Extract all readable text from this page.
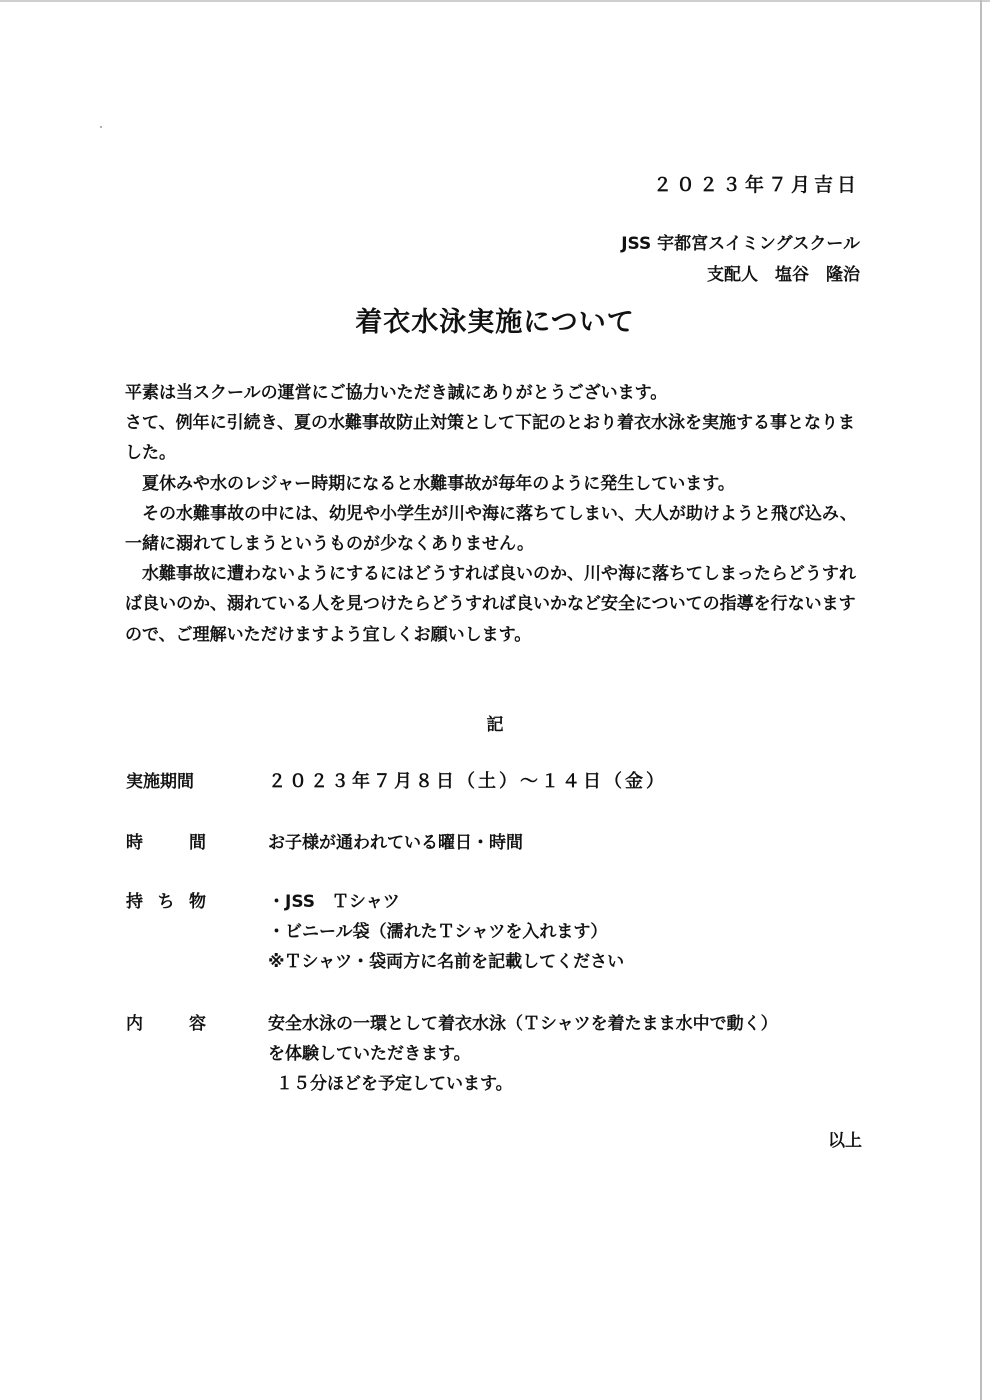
２０２３年７月吉日
JSS 宇都宮スイミングスクール
支配人　塩谷　隆治
着衣水泳実施について

平素は当スクールの運営にご協力いただき誠にありがとうございます。

さて、例年に引続き、夏の水難事故防止対策として下記のとおり着衣水泳を実施する事となりました。

夏休みや水のレジャー時期になると水難事故が毎年のように発生しています。

その水難事故の中には、幼児や小学生が川や海に落ちてしまい、大人が助けようと飛び込み、一緒に溺れてしまうというものが少なくありません。

水難事故に遭わないようにするにはどうすれば良いのか、川や海に落ちてしまったらどうすれば良いのか、溺れている人を見つけたらどうすれば良いかなど安全についての指導を行ないますので、ご理解いただけますよう宜しくお願いします。

記
実施期間	２０２３年７月８日（土）～１４日（金）
時	間	お子様が通われている曜日・時間
持 ち 物	・JSS　Ｔシャツ
・ビニール袋（濡れたＴシャツを入れます）
※Ｔシャツ・袋両方に名前を記載してください
内	容	安全水泳の一環として着衣水泳（Ｔシャツを着たまま水中で動く）
を体験していただきます。
１５分ほどを予定しています。
以上
